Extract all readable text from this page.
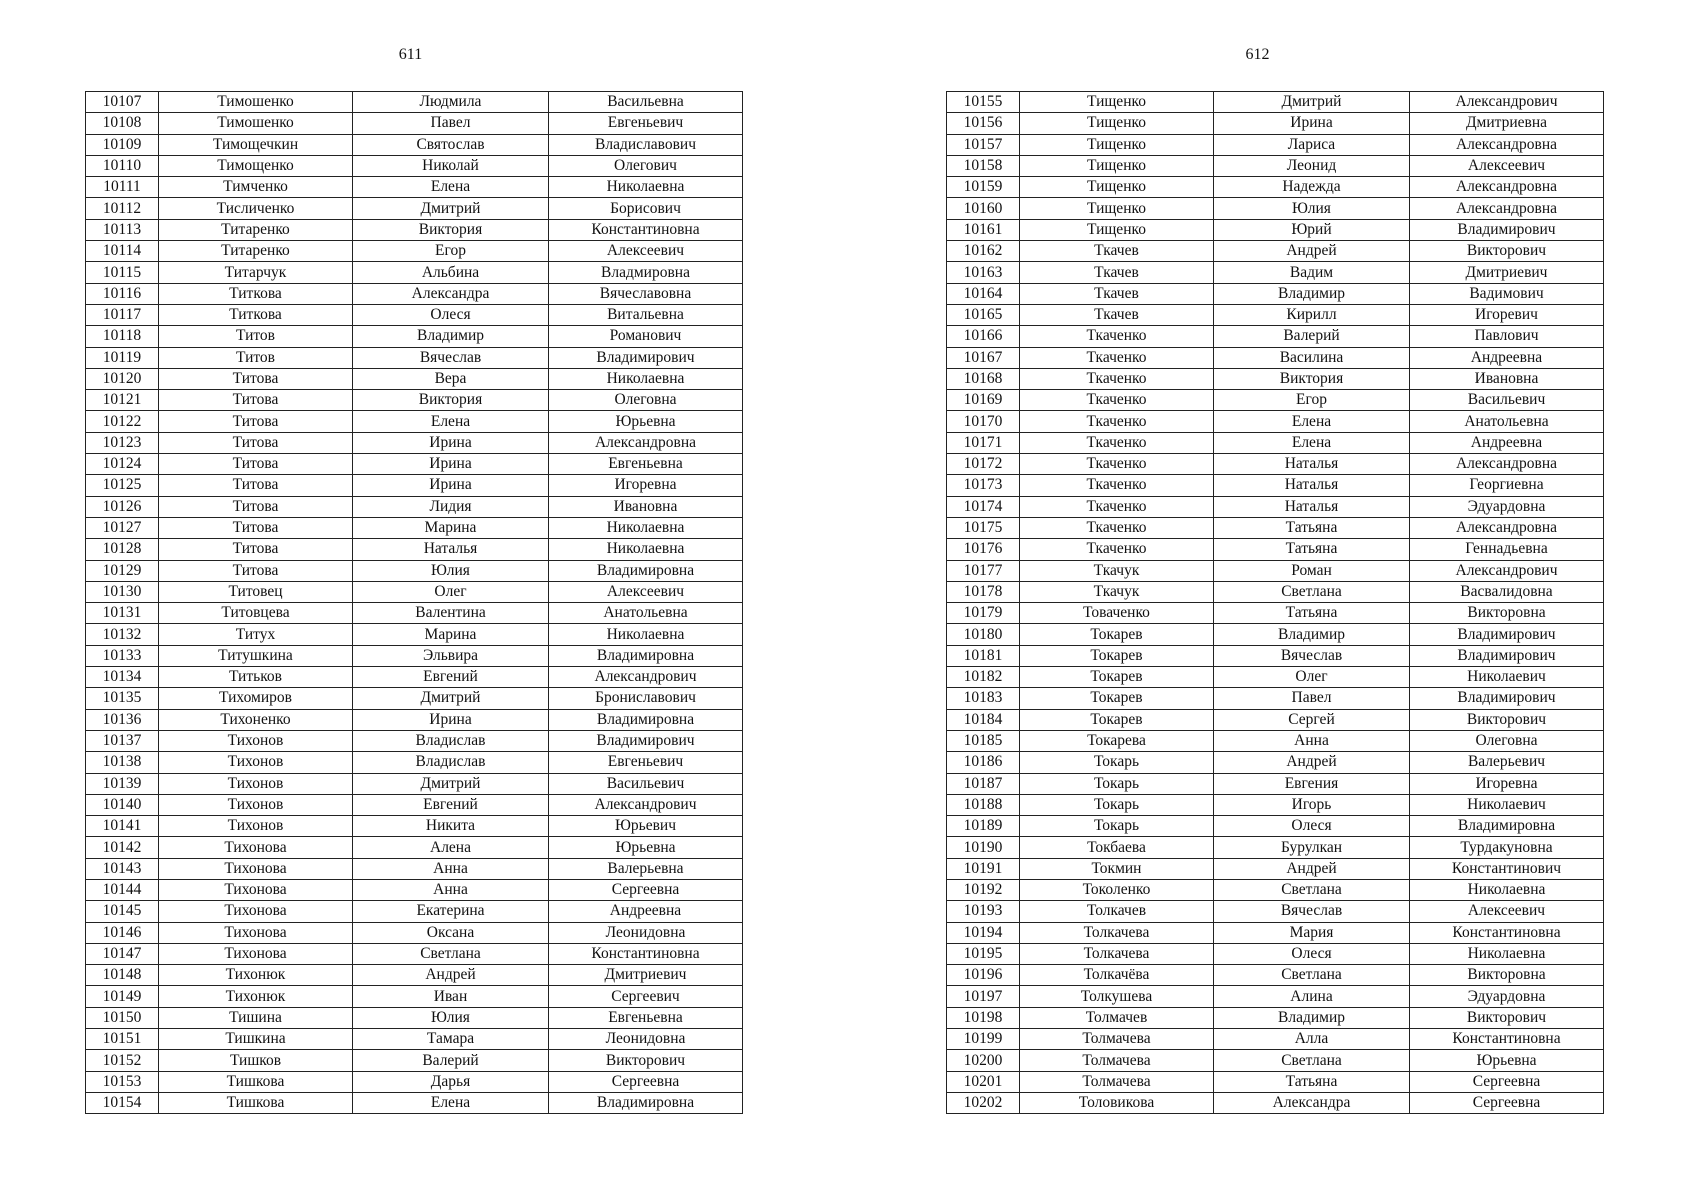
611
10107	Тимошенко	Людмила	Васильевна
10108	Тимошенко	Павел	Евгеньевич
10109	Тимощечкин	Святослав	Владиславович
10110	Тимощенко	Николай	Олегович
10111	Тимченко	Елена	Николаевна
10112	Тисличенко	Дмитрий	Борисович
10113	Титаренко	Виктория	Константиновна
10114	Титаренко	Егор	Алексеевич
10115	Титарчук	Альбина	Владмировна
10116	Титкова	Александра	Вячеславовна
10117	Титкова	Олеся	Витальевна
10118	Титов	Владимир	Романович
10119	Титов	Вячеслав	Владимирович
10120	Титова	Вера	Николаевна
10121	Титова	Виктория	Олеговна
10122	Титова	Елена	Юрьевна
10123	Титова	Ирина	Александровна
10124	Титова	Ирина	Евгеньевна
10125	Титова	Ирина	Игоревна
10126	Титова	Лидия	Ивановна
10127	Титова	Марина	Николаевна
10128	Титова	Наталья	Николаевна
10129	Титова	Юлия	Владимировна
10130	Титовец	Олег	Алексеевич
10131	Титовцева	Валентина	Анатольевна
10132	Титух	Марина	Николаевна
10133	Титушкина	Эльвира	Владимировна
10134	Титьков	Евгений	Александрович
10135	Тихомиров	Дмитрий	Брониславович
10136	Тихоненко	Ирина	Владимировна
10137	Тихонов	Владислав	Владимирович
10138	Тихонов	Владислав	Евгеньевич
10139	Тихонов	Дмитрий	Васильевич
10140	Тихонов	Евгений	Александрович
10141	Тихонов	Никита	Юрьевич
10142	Тихонова	Алена	Юрьевна
10143	Тихонова	Анна	Валерьевна
10144	Тихонова	Анна	Сергеевна
10145	Тихонова	Екатерина	Андреевна
10146	Тихонова	Оксана	Леонидовна
10147	Тихонова	Светлана	Константиновна
10148	Тихонюк	Андрей	Дмитриевич
10149	Тихонюк	Иван	Сергеевич
10150	Тишина	Юлия	Евгеньевна
10151	Тишкина	Тамара	Леонидовна
10152	Тишков	Валерий	Викторович
10153	Тишкова	Дарья	Сергеевна
10154	Тишкова	Елена	Владимировна
612
10155	Тищенко	Дмитрий	Александрович
10156	Тищенко	Ирина	Дмитриевна
10157	Тищенко	Лариса	Александровна
10158	Тищенко	Леонид	Алексеевич
10159	Тищенко	Надежда	Александровна
10160	Тищенко	Юлия	Александровна
10161	Тищенко	Юрий	Владимирович
10162	Ткачев	Андрей	Викторович
10163	Ткачев	Вадим	Дмитриевич
10164	Ткачев	Владимир	Вадимович
10165	Ткачев	Кирилл	Игоревич
10166	Ткаченко	Валерий	Павлович
10167	Ткаченко	Василина	Андреевна
10168	Ткаченко	Виктория	Ивановна
10169	Ткаченко	Егор	Васильевич
10170	Ткаченко	Елена	Анатольевна
10171	Ткаченко	Елена	Андреевна
10172	Ткаченко	Наталья	Александровна
10173	Ткаченко	Наталья	Георгиевна
10174	Ткаченко	Наталья	Эдуардовна
10175	Ткаченко	Татьяна	Александровна
10176	Ткаченко	Татьяна	Геннадьевна
10177	Ткачук	Роман	Александрович
10178	Ткачук	Светлана	Васвалидовна
10179	Товаченко	Татьяна	Викторовна
10180	Токарев	Владимир	Владимирович
10181	Токарев	Вячеслав	Владимирович
10182	Токарев	Олег	Николаевич
10183	Токарев	Павел	Владимирович
10184	Токарев	Сергей	Викторович
10185	Токарева	Анна	Олеговна
10186	Токарь	Андрей	Валерьевич
10187	Токарь	Евгения	Игоревна
10188	Токарь	Игорь	Николаевич
10189	Токарь	Олеся	Владимировна
10190	Токбаева	Бурулкан	Турдакуновна
10191	Токмин	Андрей	Константинович
10192	Токоленко	Светлана	Николаевна
10193	Толкачев	Вячеслав	Алексеевич
10194	Толкачева	Мария	Константиновна
10195	Толкачева	Олеся	Николаевна
10196	Толкачёва	Светлана	Викторовна
10197	Толкушева	Алина	Эдуардовна
10198	Толмачев	Владимир	Викторович
10199	Толмачева	Алла	Константиновна
10200	Толмачева	Светлана	Юрьевна
10201	Толмачева	Татьяна	Сергеевна
10202	Толовикова	Александра	Сергеевна
